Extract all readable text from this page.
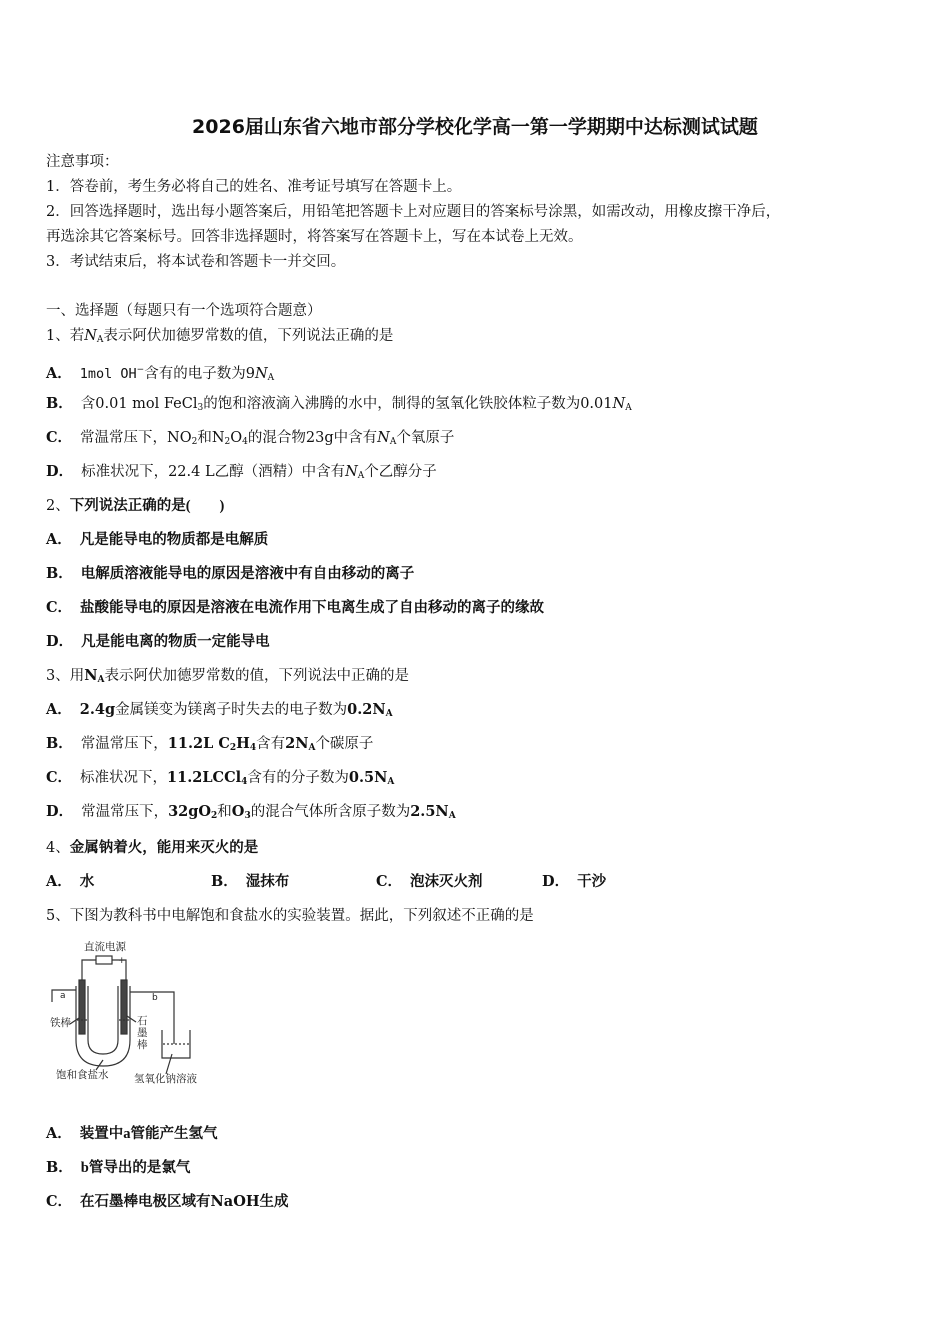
2026届山东省六地市部分学校化学高一第一学期期中达标测试试题
注意事项：
1．答卷前，考生务必将自己的姓名、准考证号填写在答题卡上。
2．回答选择题时，选出每小题答案后，用铅笔把答题卡上对应题目的答案标号涂黑，如需改动，用橡皮擦干净后，
再选涂其它答案标号。回答非选择题时，将答案写在答题卡上，写在本试卷上无效。
3．考试结束后，将本试卷和答题卡一并交回。
一、选择题（每题只有一个选项符合题意）
1、若$N_A$表示阿伏加德罗常数的值，下列说法正确的是
A． 1mol OH−含有的电子数为$9N_A$
B． 含0.01 mol FeCl$_3$的饱和溶液滴入沸腾的水中，制得的氢氧化铁胶体粒子数为$0.01N_A$
C． 常温常压下，$NO_2$和$N_2O_4$的混合物23g中含有$N_A$个氧原子
D． 标准状况下，22.4 L乙醇（酒精）中含有$N_A$个乙醇分子
2、下列说法正确的是(　　)
A． 凡是能导电的物质都是电解质
B． 电解质溶液能导电的原因是溶液中有自由移动的离子
C． 盐酸能导电的原因是溶液在电流作用下电离生成了自由移动的离子的缘故
D． 凡是能电离的物质一定能导电
3、用$N_A$表示阿伏加德罗常数的值，下列说法中正确的是
A． 2.4g金属镁变为镁离子时失去的电子数为$0.2N_A$
B． 常温常压下，11.2L $C_2H_4$含有$2N_A$个碳原子
C． 标准状况下，11.2LCCl$_4$含有的分子数为$0.5N_A$
D． 常温常压下，$32gO_2$和$O_3$的混合气体所含原子数为$2.5N_A$
4、金属钠着火，能用来灭火的是
A． 水	B． 湿抹布	C． 泡沫灭火剂	D． 干沙
5、下图为教科书中电解饱和食盐水的实验装置。据此，下列叙述不正确的是
直流电源
− +
a	b
铁棒	石
墨
棒
饱和食盐水 氢氧化钠溶液
A． 装置中a管能产生氢气
B． b管导出的是氯气
C． 在石墨棒电极区域有NaOH生成
